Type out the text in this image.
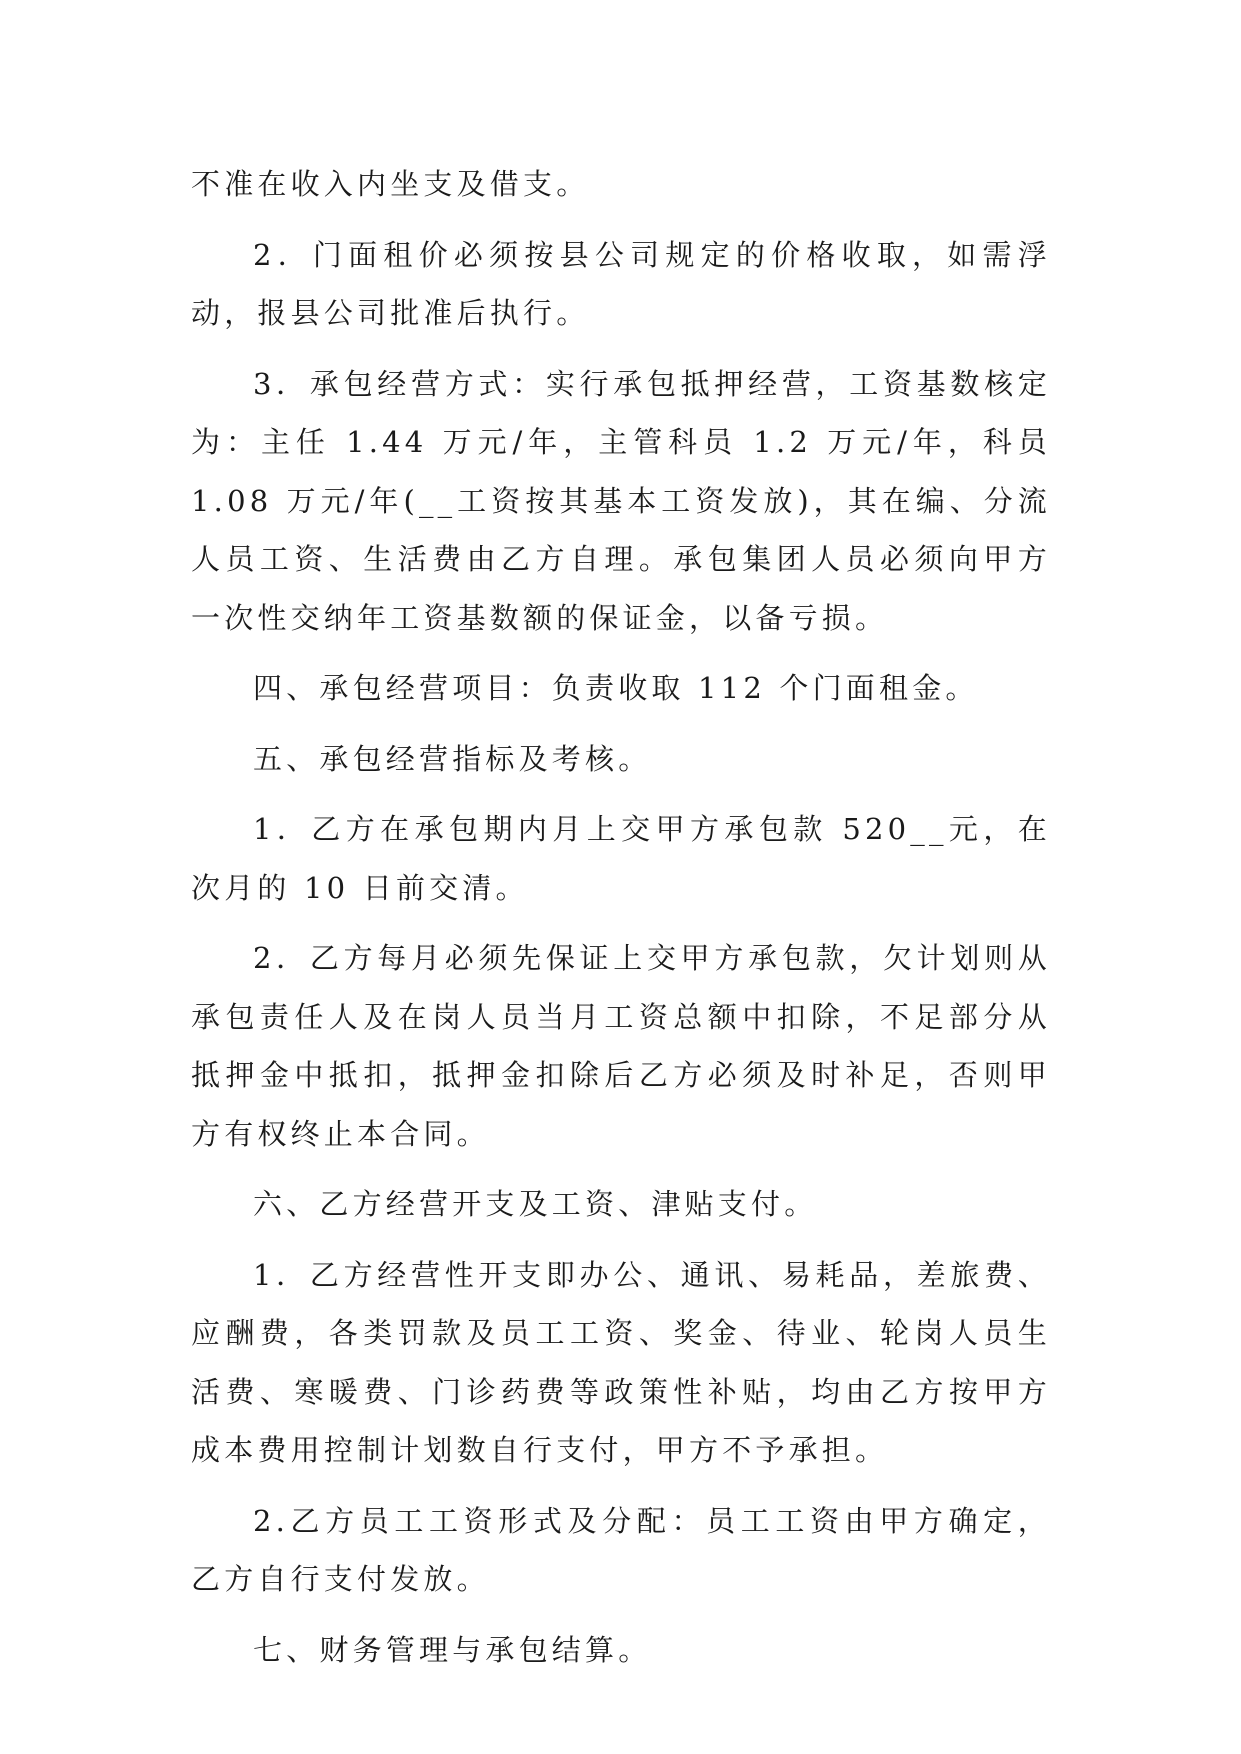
不准在收入内坐支及借支。

2．门面租价必须按县公司规定的价格收取，如需浮动，报县公司批准后执行。

3．承包经营方式：实行承包抵押经营，工资基数核定为：主任 1.44 万元/年，主管科员 1.2 万元/年，科员 1.08 万元/年(__工资按其基本工资发放)，其在编、分流人员工资、生活费由乙方自理。承包集团人员必须向甲方一次性交纳年工资基数额的保证金，以备亏损。

四、承包经营项目：负责收取 112 个门面租金。

五、承包经营指标及考核。

1．乙方在承包期内月上交甲方承包款 520__元，在次月的 10 日前交清。

2．乙方每月必须先保证上交甲方承包款，欠计划则从承包责任人及在岗人员当月工资总额中扣除，不足部分从抵押金中抵扣，抵押金扣除后乙方必须及时补足，否则甲方有权终止本合同。

六、乙方经营开支及工资、津贴支付。

1．乙方经营性开支即办公、通讯、易耗品，差旅费、应酬费，各类罚款及员工工资、奖金、待业、轮岗人员生活费、寒暖费、门诊药费等政策性补贴，均由乙方按甲方成本费用控制计划数自行支付，甲方不予承担。

2.乙方员工工资形式及分配：员工工资由甲方确定，乙方自行支付发放。

七、财务管理与承包结算。
